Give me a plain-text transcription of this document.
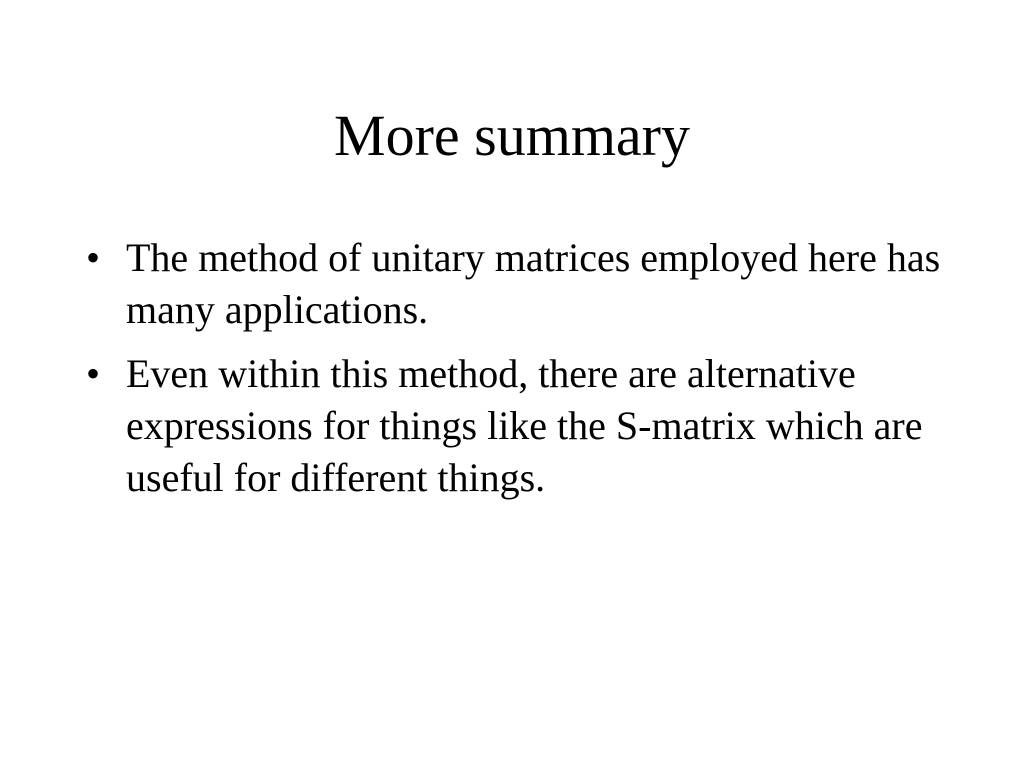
More summary
• The method of unitary matrices employed here has many applications.
• Even within this method, there are alternative expressions for things like the S-matrix which are useful for different things.
